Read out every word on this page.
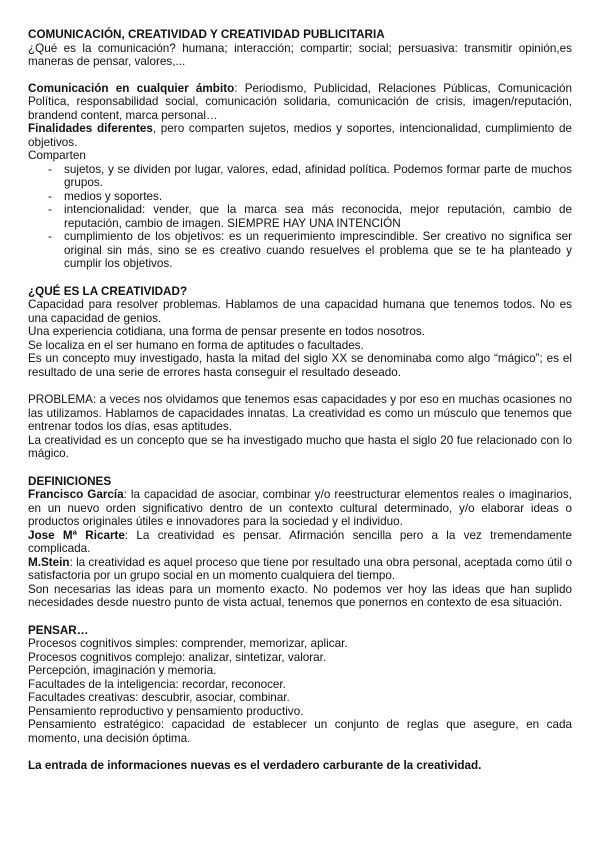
COMUNICACIÓN, CREATIVIDAD Y CREATIVIDAD PUBLICITARIA

¿Qué es la comunicación? humana; interacción; compartir; social; persuasiva: transmitir opinión,es maneras de pensar, valores,...

Comunicación en cualquier ámbito: Periodismo, Publicidad, Relaciones Públicas, Comunicación Política, responsabilidad social, comunicación solidaria, comunicación de crisis, imagen/reputación, brandend content, marca personal…

Finalidades diferentes, pero comparten sujetos, medios y soportes, intencionalidad, cumplimiento de objetivos.

Comparten

- sujetos, y se dividen por lugar, valores, edad, afinidad política. Podemos formar parte de muchos grupos.
- medios y soportes.
- intencionalidad: vender, que la marca sea más reconocida, mejor reputación, cambio de reputación, cambio de imagen. SIEMPRE HAY UNA INTENCIÓN
- cumplimiento de los objetivos: es un requerimiento imprescindible. Ser creativo no significa ser original sin más, sino se es creativo cuando resuelves el problema que se te ha planteado y cumplir los objetivos.
¿QUÉ ES LA CREATIVIDAD?

Capacidad para resolver problemas. Hablamos de una capacidad humana que tenemos todos. No es una capacidad de genios.

Una experiencia cotidiana, una forma de pensar presente en todos nosotros.

Se localiza en el ser humano en forma de aptitudes o facultades.

Es un concepto muy investigado, hasta la mitad del siglo XX se denominaba como algo “mágico”; es el resultado de una serie de errores hasta conseguir el resultado deseado.

PROBLEMA: a veces nos olvidamos que tenemos esas capacidades y por eso en muchas ocasiones no las utilizamos. Hablamos de capacidades innatas. La creatividad es como un músculo que tenemos que entrenar todos los días, esas aptitudes.

La creatividad es un concepto que se ha investigado mucho que hasta el siglo 20 fue relacionado con lo mágico.

DEFINICIONES

Francisco García: la capacidad de asociar, combinar y/o reestructurar elementos reales o imaginarios, en un nuevo orden significativo dentro de un contexto cultural determinado, y/o elaborar ideas o productos originales útiles e innovadores para la sociedad y el individuo.

Jose Mª Ricarte: La creatividad es pensar. Afirmación sencilla pero a la vez tremendamente complicada.

M.Stein: la creatividad es aquel proceso que tiene por resultado una obra personal, aceptada como útil o satisfactoria por un grupo social en un momento cualquiera del tiempo.

Son necesarias las ideas para un momento exacto. No podemos ver hoy las ideas que han suplido necesidades desde nuestro punto de vista actual, tenemos que ponernos en contexto de esa situación.

PENSAR…

Procesos cognitivos simples: comprender, memorizar, aplicar.

Procesos cognitivos complejo: analizar, sintetizar, valorar.

Percepción, imaginación y memoria.

Facultades de la inteligencia: recordar, reconocer.

Facultades creativas: descubrir, asociar, combinar.

Pensamiento reproductivo y pensamiento productivo.

Pensamiento estratégico: capacidad de establecer un conjunto de reglas que asegure, en cada momento, una decisión óptima.

La entrada de informaciones nuevas es el verdadero carburante de la creatividad.
